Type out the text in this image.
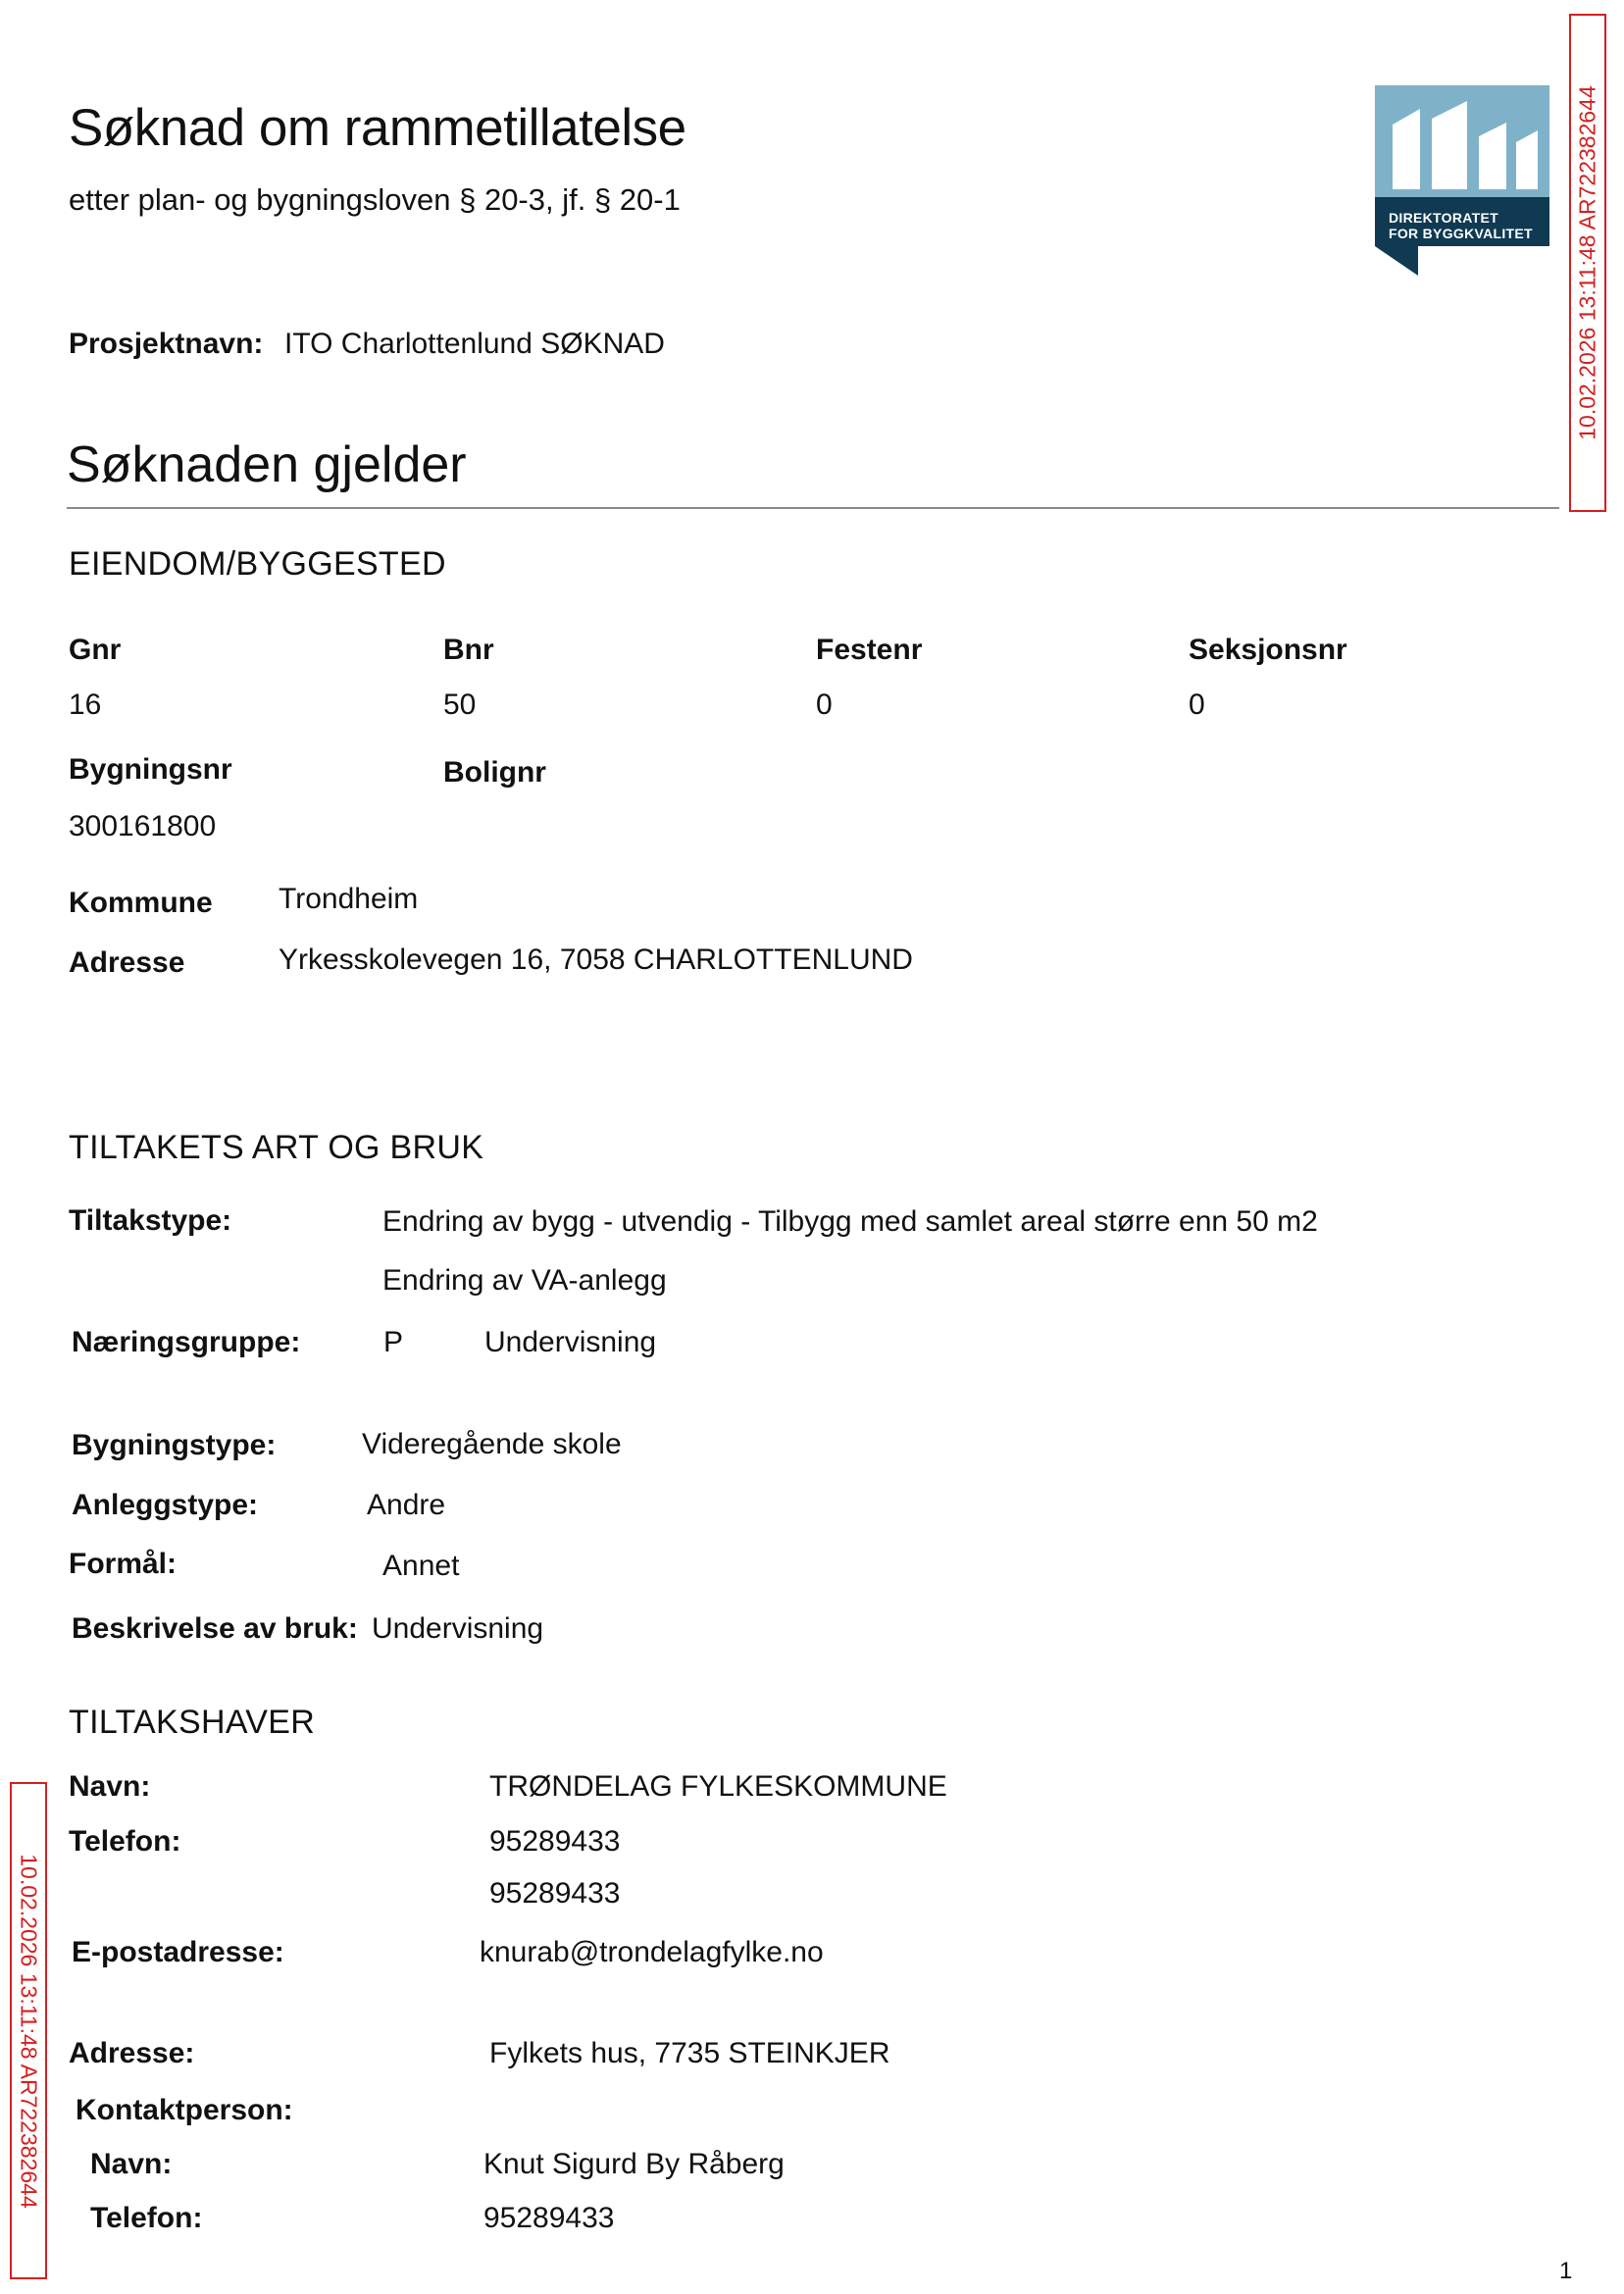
Søknad om rammetillatelse
etter plan- og bygningsloven § 20-3, jf. § 20-1
Prosjektnavn: ITO Charlottenlund SØKNAD
DIREKTORATET
FOR BYGGKVALITET 10.02.2026 13:11:48 AR722382644
Søknaden gjelder
EIENDOM/BYGGESTED
Gnr	Bnr	Festenr	Seksjonsnr
16	50	0	0
Bygningsnr	Bolignr
300161800
Kommune Trondheim
Adresse	Yrkesskolevegen 16, 7058 CHARLOTTENLUND
TILTAKETS ART OG BRUK
Tiltakstype:	Endring av bygg - utvendig - Tilbygg med samlet areal større enn 50 m2
Endring av VA-anlegg
Næringsgruppe:	P	Undervisning
Bygningstype:	Videregående skole
Anleggstype:	Andre
Formål:	Annet
Beskrivelse av bruk: Undervisning
TILTAKSHAVER
Navn:	TRØNDELAG FYLKESKOMMUNE
Telefon:	95289433
95289433
E-postadresse:	knurab@trondelagfylke.no
Adresse:	Fylkets hus, 7735 STEINKJER
Kontaktperson:
Navn:	Knut Sigurd By Råberg
Telefon:	95289433
10.02.2026 13:11:48 AR722382644
1
